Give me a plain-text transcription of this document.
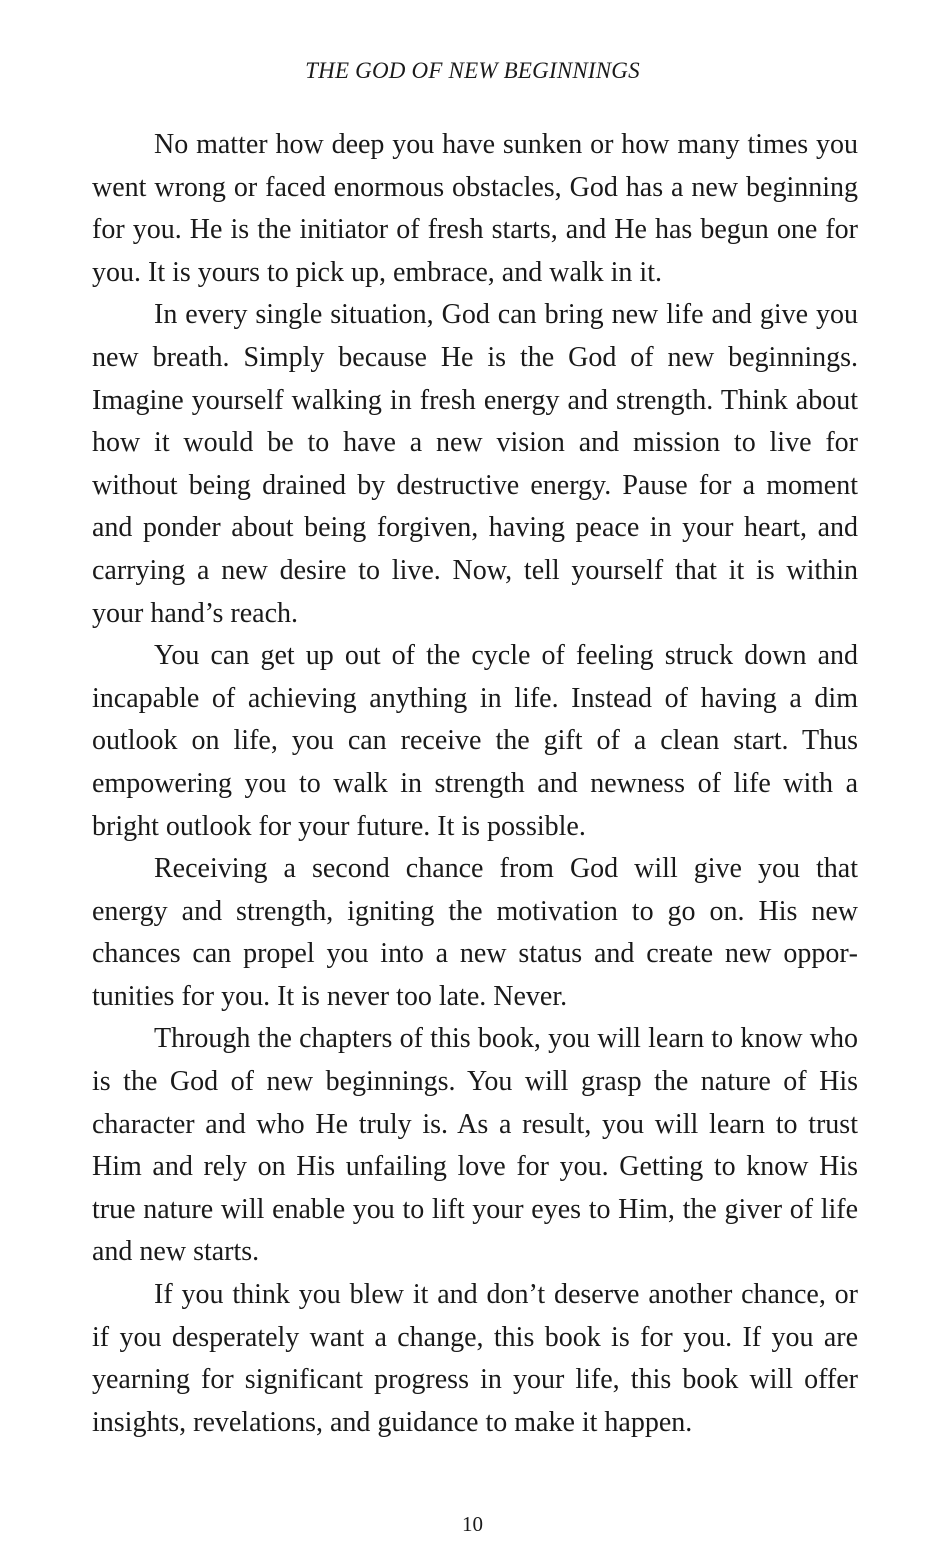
THE GOD OF NEW BEGINNINGS

No matter how deep you have sunken or how many times you went wrong or faced enormous obstacles, God has a new beginning for you. He is the initiator of fresh starts, and He has begun one for you. It is yours to pick up, embrace, and walk in it.

In every single situation, God can bring new life and give you new breath. Simply because He is the God of new beginnings. Imagine yourself walking in fresh energy and strength. Think about how it would be to have a new vision and mission to live for without being drained by destructive energy. Pause for a moment and ponder about being forgiven, having peace in your heart, and carrying a new desire to live. Now, tell yourself that it is within your hand’s reach.

You can get up out of the cycle of feeling struck down and incapable of achieving anything in life. Instead of having a dim outlook on life, you can receive the gift of a clean start. Thus empowering you to walk in strength and newness of life with a bright outlook for your future. It is possible.

Receiving a second chance from God will give you that energy and strength, igniting the motivation to go on. His new chances can propel you into a new status and create new opportunities for you. It is never too late. Never.

Through the chapters of this book, you will learn to know who is the God of new beginnings. You will grasp the nature of His character and who He truly is. As a result, you will learn to trust Him and rely on His unfailing love for you. Getting to know His true nature will enable you to lift your eyes to Him, the giver of life and new starts.

If you think you blew it and don’t deserve another chance, or if you desperately want a change, this book is for you. If you are yearning for significant progress in your life, this book will offer insights, revelations, and guidance to make it happen.

10
